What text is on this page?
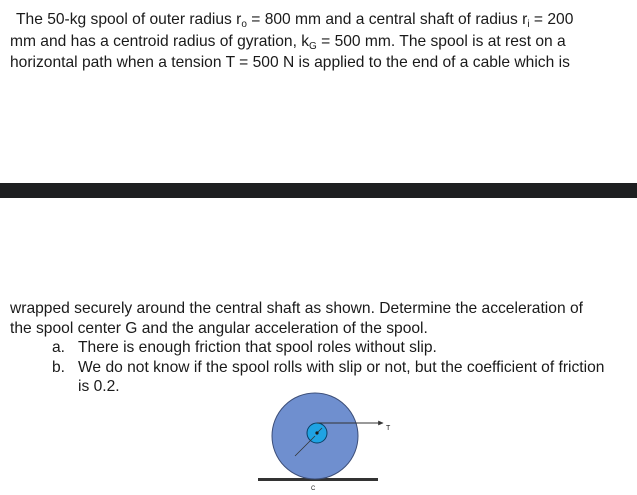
The 50-kg spool of outer radius ro = 800 mm and a central shaft of radius ri = 200
mm and has a centroid radius of gyration, kG = 500 mm. The spool is at rest on a
horizontal path when a tension T = 500 N is applied to the end of a cable which is
wrapped securely around the central shaft as shown. Determine the acceleration of
the spool center G and the angular acceleration of the spool.
a. There is enough friction that spool roles without slip.
b. We do not know if the spool rolls with slip or not, but the coefficient of friction is 0.2.
T
C
